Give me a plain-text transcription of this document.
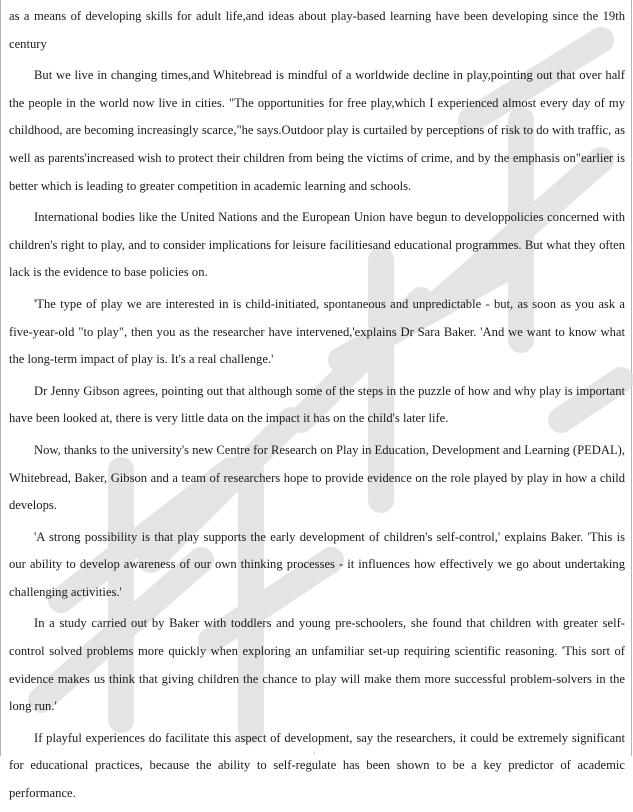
as a means of developing skills for adult life,and ideas about play-based learning have been developing since the 19th century

But we live in changing times,and Whitebread is mindful of a worldwide decline in play,pointing out that over half the people in the world now live in cities. "The opportunities for free play,which I experienced almost every day of my childhood, are becoming increasingly scarce,"he says.Outdoor play is curtailed by perceptions of risk to do with traffic, as well as parents'increased wish to protect their children from being the victims of crime, and by the emphasis on"earlier is better which is leading to greater competition in academic learning and schools.

International bodies like the United Nations and the European Union have begun to developpolicies concerned with children's right to play, and to consider implications for leisure facilitiesand educational programmes. But what they often lack is the evidence to base policies on.

'The type of play we are interested in is child-initiated, spontaneous and unpredictable - but, as soon as you ask a five-year-old "to play", then you as the researcher have intervened,'explains Dr Sara Baker. 'And we want to know what the long-term impact of play is. It's a real challenge.'

Dr Jenny Gibson agrees, pointing out that although some of the steps in the puzzle of how and why play is important have been looked at, there is very little data on the impact it has on the child's later life.

Now, thanks to the university's new Centre for Research on Play in Education, Development and Learning (PEDAL), Whitebread, Baker, Gibson and a team of researchers hope to provide evidence on the role played by play in how a child develops.

'A strong possibility is that play supports the early development of children's self-control,' explains Baker. 'This is our ability to develop awareness of our own thinking processes - it influences how effectively we go about undertaking challenging activities.'

In a study carried out by Baker with toddlers and young pre-schoolers, she found that children with greater self-control solved problems more quickly when exploring an unfamiliar set-up requiring scientific reasoning. 'This sort of evidence makes us think that giving children the chance to play will make them more successful problem-solvers in the long run.'

If playful experiences do facilitate this aspect of development, say the researchers, it could be extremely significant for educational practices, because the ability to self-regulate has been shown to be a key predictor of academic performance.

·
